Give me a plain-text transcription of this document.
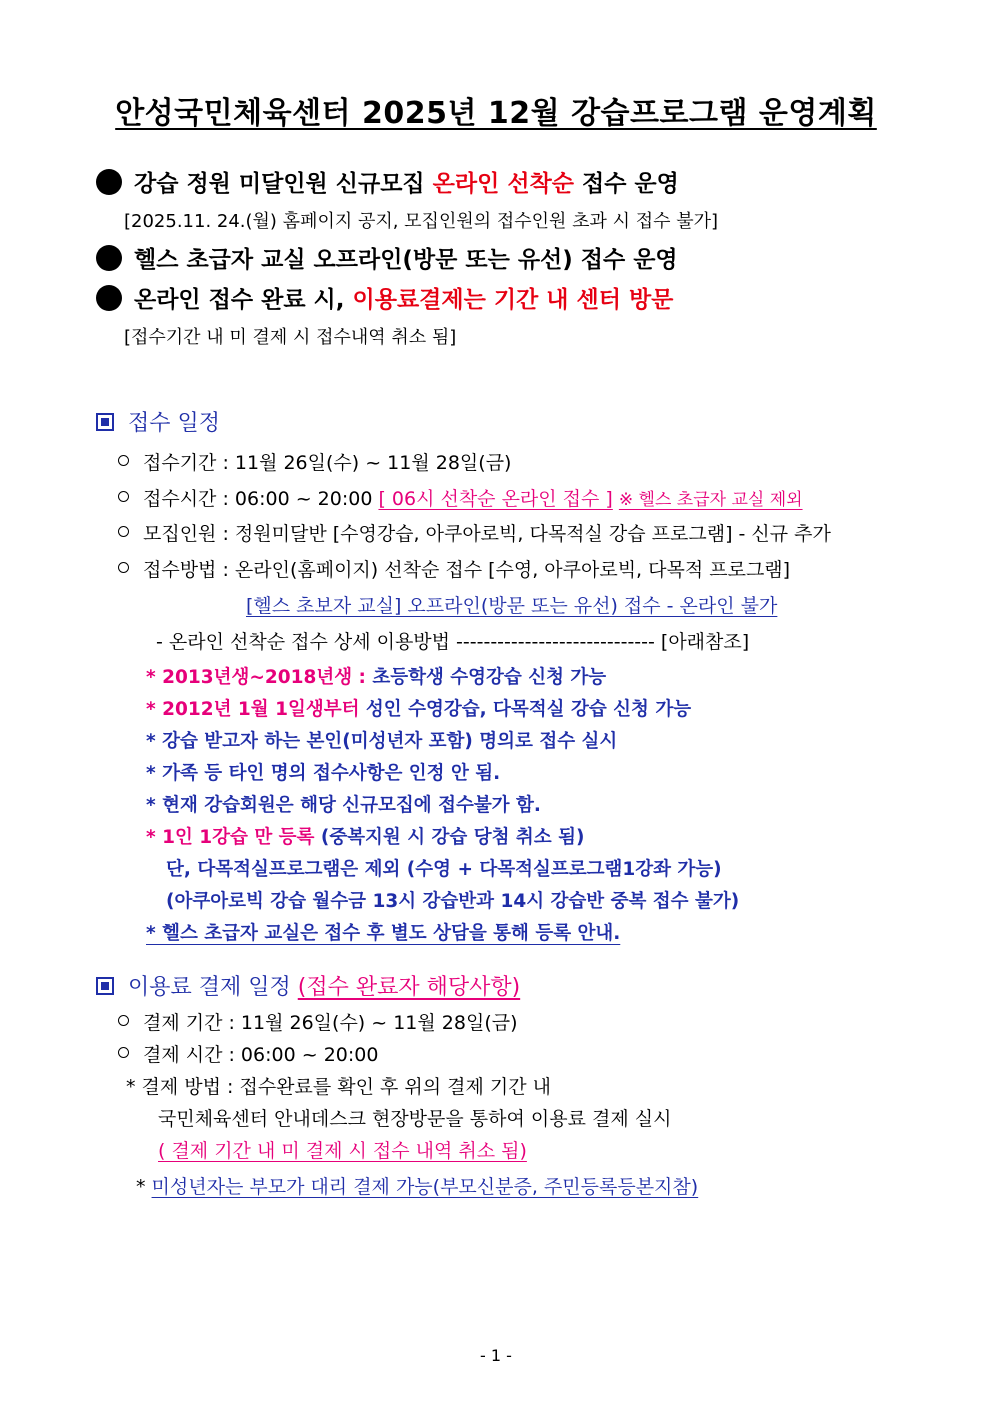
안성국민체육센터 2025년 12월 강습프로그램 운영계획
강습 정원 미달인원 신규모집 온라인 선착순 접수 운영
[2025.11. 24.(월) 홈페이지 공지, 모집인원의 접수인원 초과 시 접수 불가]
헬스 초급자 교실 오프라인(방문 또는 유선) 접수 운영
온라인 접수 완료 시, 이용료결제는 기간 내 센터 방문
[접수기간 내 미 결제 시 접수내역 취소 됨]
접수 일정
접수기간 : 11월 26일(수) ~ 11월 28일(금)
접수시간 : 06:00 ~ 20:00 [ 06시 선착순 온라인 접수 ] ※ 헬스 초급자 교실 제외
모집인원 : 정원미달반 [수영강습, 아쿠아로빅, 다목적실 강습 프로그램] - 신규 추가
접수방법 : 온라인(홈페이지) 선착순 접수 [수영, 아쿠아로빅, 다목적 프로그램]
[헬스 초보자 교실] 오프라인(방문 또는 유선) 접수 - 온라인 불가
- 온라인 선착순 접수 상세 이용방법 ----------------------------- [아래참조]
* 2013년생~2018년생 : 초등학생 수영강습 신청 가능
* 2012년 1월 1일생부터 성인 수영강습, 다목적실 강습 신청 가능
* 강습 받고자 하는 본인(미성년자 포함) 명의로 접수 실시
* 가족 등 타인 명의 접수사항은 인정 안 됨.
* 현재 강습회원은 해당 신규모집에 접수불가 함.
* 1인 1강습 만 등록 (중복지원 시 강습 당첨 취소 됨)
단, 다목적실프로그램은 제외 (수영 + 다목적실프로그램1강좌 가능)
(아쿠아로빅 강습 월수금 13시 강습반과 14시 강습반 중복 접수 불가)
* 헬스 초급자 교실은 접수 후 별도 상담을 통해 등록 안내.
이용료 결제 일정 (접수 완료자 해당사항)
결제 기간 : 11월 26일(수) ~ 11월 28일(금)
결제 시간 : 06:00 ~ 20:00
* 결제 방법 : 접수완료를 확인 후 위의 결제 기간 내
국민체육센터 안내데스크 현장방문을 통하여 이용료 결제 실시
( 결제 기간 내 미 결제 시 접수 내역 취소 됨)
* 미성년자는 부모가 대리 결제 가능(부모신분증, 주민등록등본지참)
- 1 -
